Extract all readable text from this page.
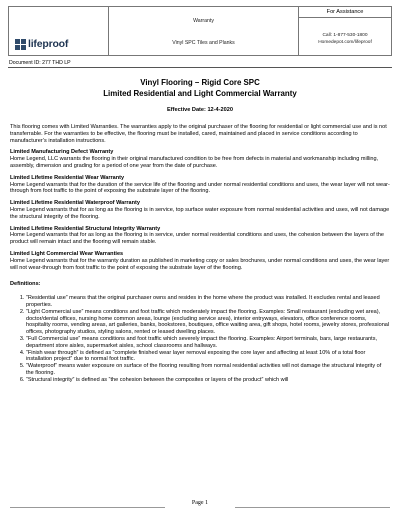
lifeproof
Warranty
Vinyl SPC Tiles and Planks
For Assistance
Call: 1-877-530-1800
Homedepot.com/lifeproof
Document ID: 277 THD LP
Vinyl Flooring – Rigid Core SPC
Limited Residential and Light Commercial Warranty
Effective Date: 12-4-2020

This flooring comes with Limited Warranties. The warranties apply to the original purchaser of the flooring for residential or light commercial use and is not transferrable. For the warranties to be effective, the flooring must be installed, cared, maintained and placed in service conditions according to manufacturer’s installation instructions.

Limited Manufacturing Defect Warranty

Home Legend, LLC warrants the flooring in their original manufactured condition to be free from defects in material and workmanship including milling, assembly, dimension and grading for a period of one year from the date of purchase.

Limited Lifetime Residential Wear Warranty

Home Legend warrants that for the duration of the service life of the flooring and under normal residential conditions and uses, the wear layer will not wear-through from foot traffic to the point of exposing the substrate layer of the flooring.

Limited Lifetime Residential Waterproof Warranty

Home Legend warrants that for as long as the flooring is in service, top surface water exposure from normal residential activities and uses, will not damage the structural integrity of the flooring.

Limited Lifetime Residential Structural Integrity Warranty

Home Legend warrants that for as long as the flooring is in service, under normal residential conditions and uses, the cohesion between the layers of the product will remain intact and the flooring will remain stable.

Limited Light Commercial Wear Warranties

Home Legend warrants that for the warranty duration as published in marketing copy or sales brochures, under normal conditions and uses, the wear layer will not wear-through from foot traffic to the point of exposing the substrate layer of the flooring.

Definitions:
1. “Residential use” means that the original purchaser owns and resides in the home where the product was installed. It excludes rental and leased properties.
2. “Light Commercial use” means conditions and foot traffic which moderately impact the flooring. Examples: Small restaurant (excluding wet area), doctor/dental offices, nursing home common areas, lounge (excluding service area), interior entryways, elevators, office conference rooms, hospitality rooms, vending areas, art galleries, banks, bookstores, boutiques, office waiting area, gift shops, hotel rooms, jewelry stores, professional offices, photography studios, styling salons, rented or leased dwelling places.
3. “Full Commercial use” means conditions and foot traffic which severely impact the flooring. Examples: Airport terminals, bars, large restaurants, department store aisles, supermarket aisles, school classrooms and hallways.
4. “Finish wear through” is defined as “complete finished wear layer removal exposing the core layer and affecting at least 10% of a total floor installation project” due to normal foot traffic.
5. “Waterproof” means water exposure on surface of the flooring resulting from normal residential activities will not damage the structural integrity of the flooring.
6. “Structural integrity” is defined as “the cohesion between the composites or layers of the product” which will
Page 1
